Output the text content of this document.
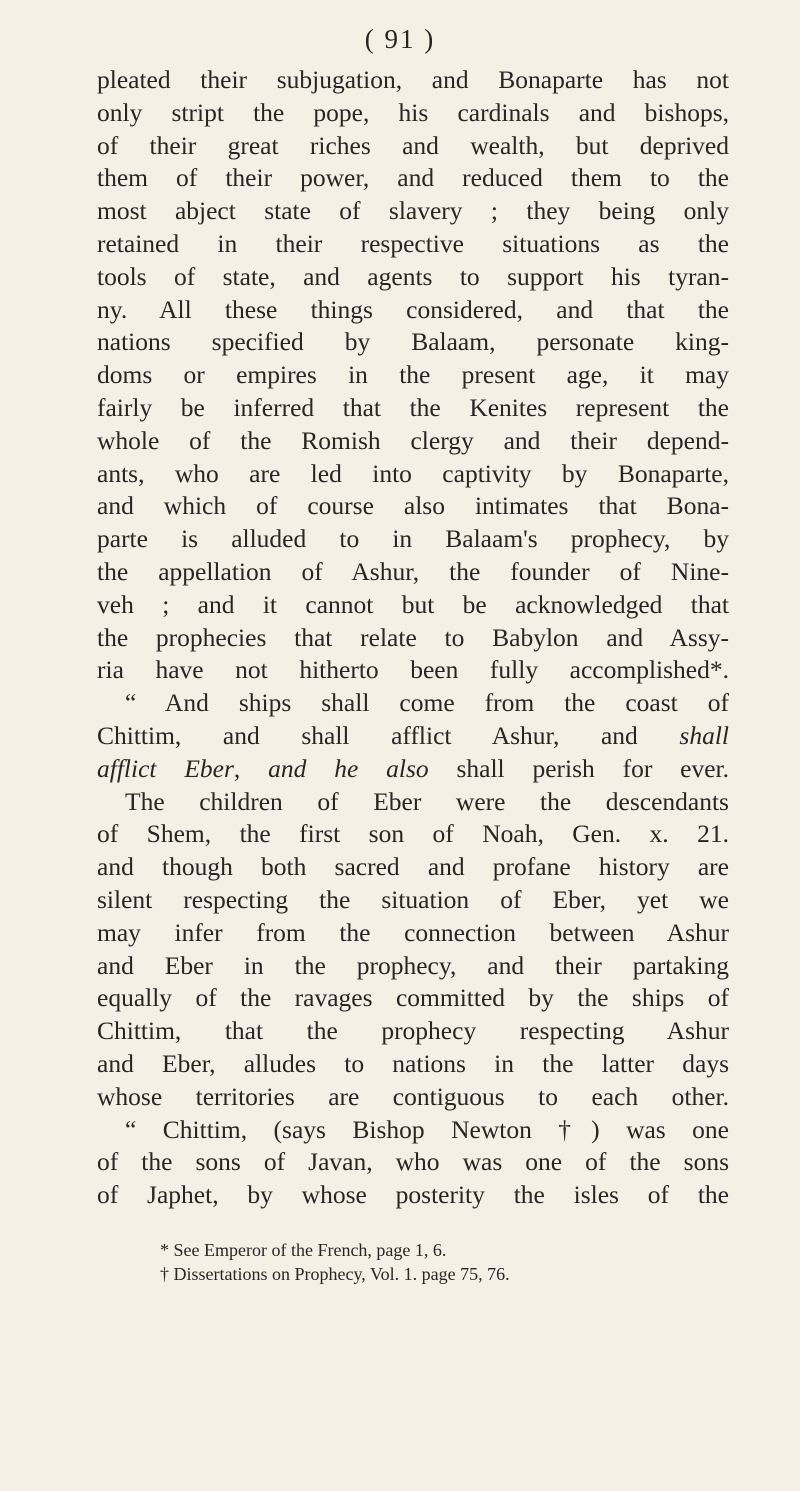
( 91 )
pleated their subjugation, and Bonaparte has not
only stript the pope, his cardinals and bishops,
of their great riches and wealth, but deprived
them of their power, and reduced them to the
most abject state of slavery ; they being only
retained in their respective situations as the
tools of state, and agents to support his tyran-
ny. All these things considered, and that the
nations specified by Balaam, personate king-
doms or empires in the present age, it may
fairly be inferred that the Kenites represent the
whole of the Romish clergy and their depend-
ants, who are led into captivity by Bonaparte,
and which of course also intimates that Bona-
parte is alluded to in Balaam's prophecy, by
the appellation of Ashur, the founder of Nine-
veh ; and it cannot but be acknowledged that
the prophecies that relate to Babylon and Assy-
ria have not hitherto been fully accomplished*.
“ And ships shall come from the coast of
Chittim, and shall afflict Ashur, and shall
afflict Eber, and he also shall perish for ever.
The children of Eber were the descendants
of Shem, the first son of Noah, Gen. x. 21.
and though both sacred and profane history are
silent respecting the situation of Eber, yet we
may infer from the connection between Ashur
and Eber in the prophecy, and their partaking
equally of the ravages committed by the ships of
Chittim, that the prophecy respecting Ashur
and Eber, alludes to nations in the latter days
whose territories are contiguous to each other.
“ Chittim, (says Bishop Newton †) was one
of the sons of Javan, who was one of the sons
of Japhet, by whose posterity the isles of the
* See Emperor of the French, page 1, 6.
† Dissertations on Prophecy, Vol. 1. page 75, 76.
